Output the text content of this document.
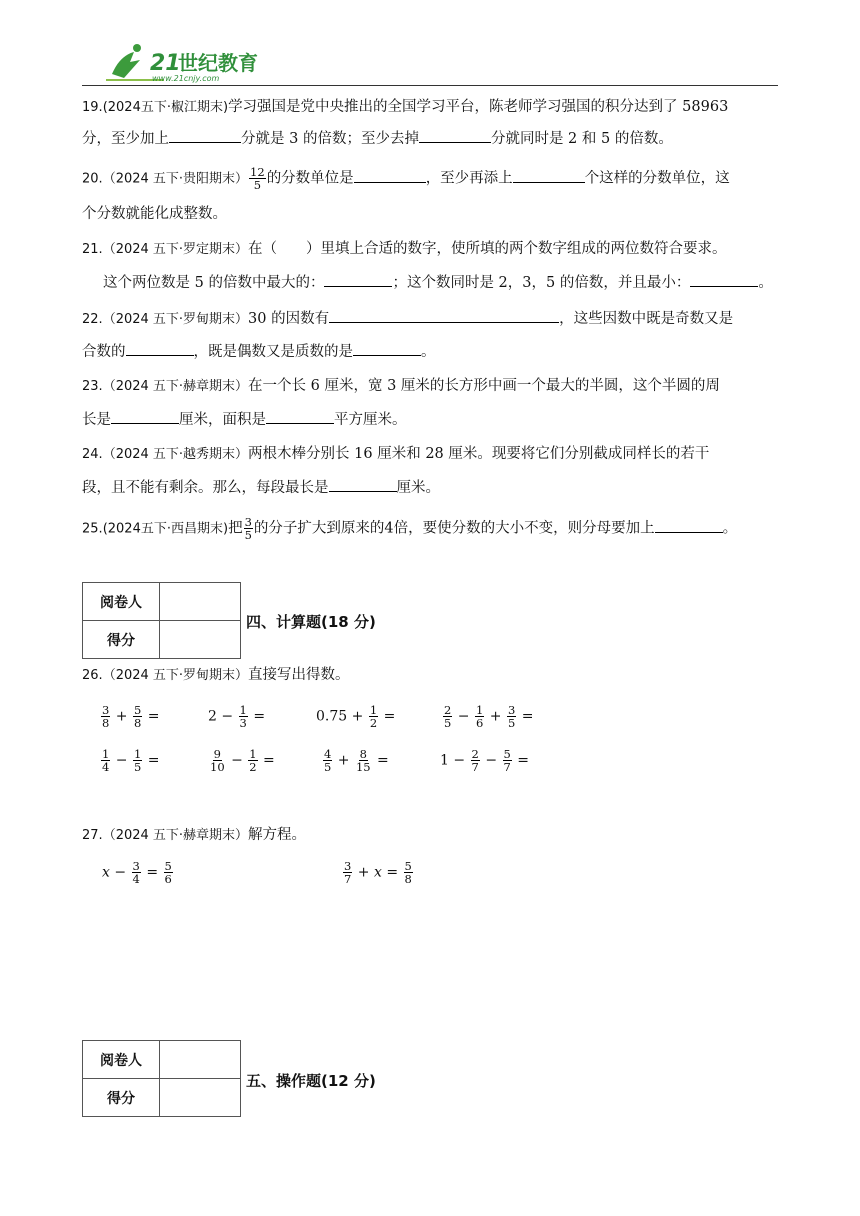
21
世纪教育
www.21cnjy.com
19.(2024五下·椒江期末)学习强国是党中央推出的全国学习平台，陈老师学习强国的积分达到了 58963
分，至少加上	分就是 3 的倍数；至少去掉	分就同时是 2 和 5 的倍数。
20.（2024 五下·贵阳期末） $\frac{12}{5}$ 的分数单位是	，至少再添上	个这样的分数单位，这
个分数就能化成整数。
21.（2024 五下·罗定期末）在（　　）里填上合适的数字，使所填的两个数字组成的两位数符合要求。
这个两位数是 5 的倍数中最大的：	；这个数同时是 2，3，5 的倍数，并且最小：	。
22.（2024 五下·罗甸期末）30 的因数有	，这些因数中既是奇数又是
合数的	，既是偶数又是质数的是	。
23.（2024 五下·赫章期末）在一个长 6 厘米，宽 3 厘米的长方形中画一个最大的半圆，这个半圆的周
长是	厘米，面积是	平方厘米。
24.（2024 五下·越秀期末）两根木棒分别长 16 厘米和 28 厘米。现要将它们分别截成同样长的若干
段，且不能有剩余。那么，每段最长是	厘米。
25.(2024五下·西昌期末)把 $\frac{3}{5}$ 的分子扩大到原来的4倍，要使分数的大小不变，则分母要加上	。
阅卷人	
得分	
四、计算题(18 分)
26.（2024 五下·罗甸期末）直接写出得数。
$\frac{3}{8} + \frac{5}{8}$ =	$2 - \frac{1}{3}$ =	$0.75 + \frac{1}{2}$ =	$\frac{2}{5} - \frac{1}{6} + \frac{3}{5}$ =
$\frac{1}{4} - \frac{1}{5}$ =	$\frac{9}{10} - \frac{1}{2}$ =	$\frac{4}{5} + \frac{8}{15}$ =	$1 - \frac{2}{7} - \frac{5}{7}$ =
27.（2024 五下·赫章期末）解方程。
$x - \frac{3}{4} = \frac{5}{6}$	$\frac{3}{7} + x = \frac{5}{8}$
阅卷人	
得分	
五、操作题(12 分)
